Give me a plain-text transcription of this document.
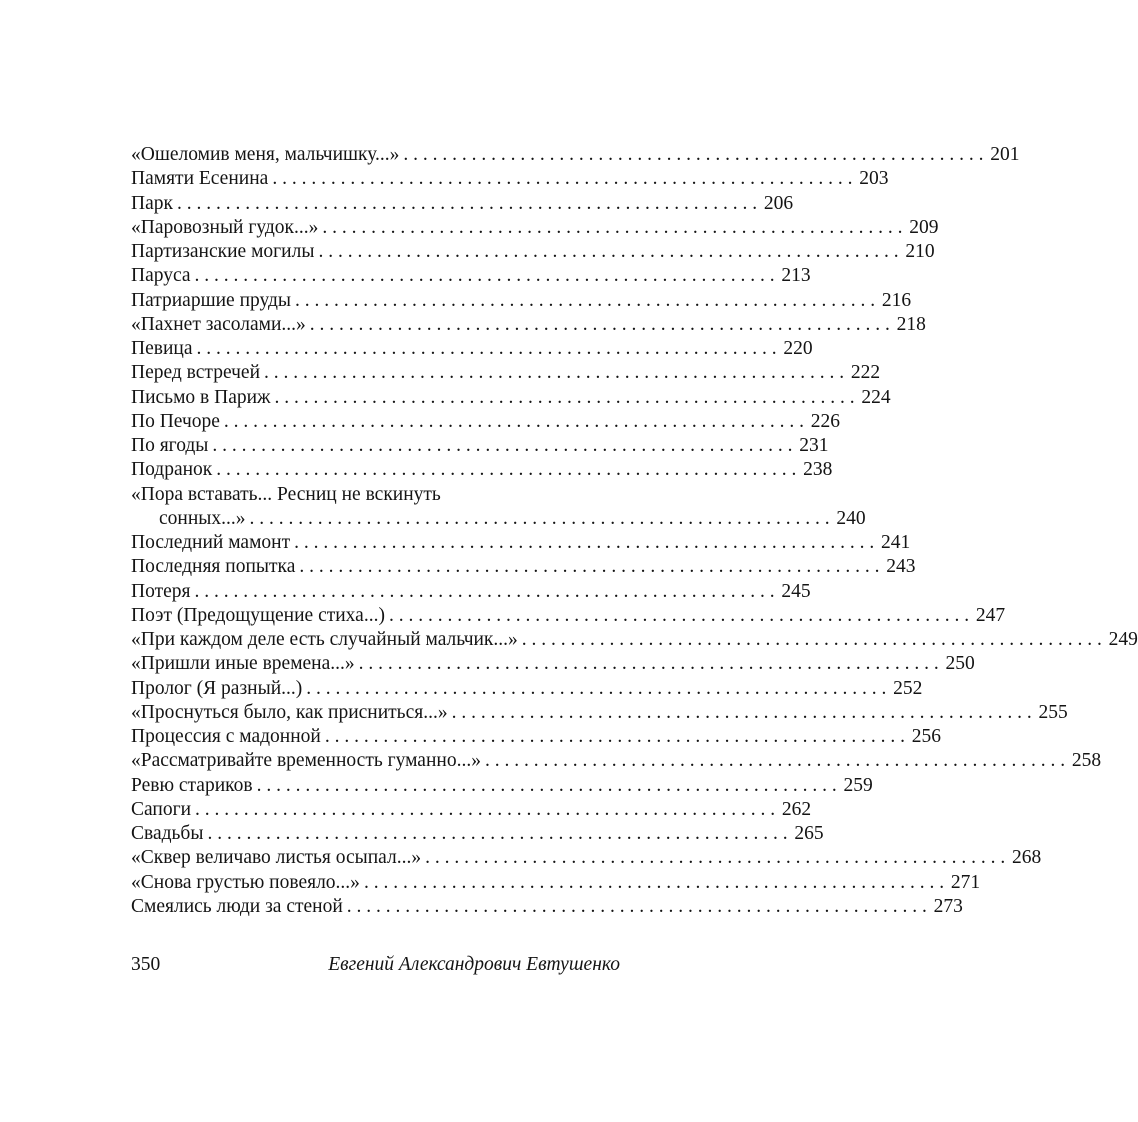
«Ошеломив меня, мальчишку...» . . . . . . . . . . . . . . . . . . . . . . . . . . . . . . . . . . . . . . . . . . . . . . . . . . . . . . . . . . . . 201
Памяти Есенина . . . . . . . . . . . . . . . . . . . . . . . . . . . . . . . . . . . . . . . . . . . . . . . . . . . . . . . . . . . . 203
Парк . . . . . . . . . . . . . . . . . . . . . . . . . . . . . . . . . . . . . . . . . . . . . . . . . . . . . . . . . . . . 206
«Паровозный гудок...» . . . . . . . . . . . . . . . . . . . . . . . . . . . . . . . . . . . . . . . . . . . . . . . . . . . . . . . . . . . . 209
Партизанские могилы . . . . . . . . . . . . . . . . . . . . . . . . . . . . . . . . . . . . . . . . . . . . . . . . . . . . . . . . . . . . 210
Паруса . . . . . . . . . . . . . . . . . . . . . . . . . . . . . . . . . . . . . . . . . . . . . . . . . . . . . . . . . . . . 213
Патриаршие пруды . . . . . . . . . . . . . . . . . . . . . . . . . . . . . . . . . . . . . . . . . . . . . . . . . . . . . . . . . . . . 216
«Пахнет засолами...» . . . . . . . . . . . . . . . . . . . . . . . . . . . . . . . . . . . . . . . . . . . . . . . . . . . . . . . . . . . . 218
Певица . . . . . . . . . . . . . . . . . . . . . . . . . . . . . . . . . . . . . . . . . . . . . . . . . . . . . . . . . . . . 220
Перед встречей . . . . . . . . . . . . . . . . . . . . . . . . . . . . . . . . . . . . . . . . . . . . . . . . . . . . . . . . . . . . 222
Письмо в Париж . . . . . . . . . . . . . . . . . . . . . . . . . . . . . . . . . . . . . . . . . . . . . . . . . . . . . . . . . . . . 224
По Печоре . . . . . . . . . . . . . . . . . . . . . . . . . . . . . . . . . . . . . . . . . . . . . . . . . . . . . . . . . . . . 226
По ягоды . . . . . . . . . . . . . . . . . . . . . . . . . . . . . . . . . . . . . . . . . . . . . . . . . . . . . . . . . . . . 231
Подранок . . . . . . . . . . . . . . . . . . . . . . . . . . . . . . . . . . . . . . . . . . . . . . . . . . . . . . . . . . . . 238
«Пора вставать... Ресниц не вскинуть
сонных...» . . . . . . . . . . . . . . . . . . . . . . . . . . . . . . . . . . . . . . . . . . . . . . . . . . . . . . . . . . . . 240
Последний мамонт . . . . . . . . . . . . . . . . . . . . . . . . . . . . . . . . . . . . . . . . . . . . . . . . . . . . . . . . . . . . 241
Последняя попытка . . . . . . . . . . . . . . . . . . . . . . . . . . . . . . . . . . . . . . . . . . . . . . . . . . . . . . . . . . . . 243
Потеря . . . . . . . . . . . . . . . . . . . . . . . . . . . . . . . . . . . . . . . . . . . . . . . . . . . . . . . . . . . . 245
Поэт (Предощущение стиха...) . . . . . . . . . . . . . . . . . . . . . . . . . . . . . . . . . . . . . . . . . . . . . . . . . . . . . . . . . . . . 247
«При каждом деле есть случайный мальчик...» . . . . . . . . . . . . . . . . . . . . . . . . . . . . . . . . . . . . . . . . . . . . . . . . . . . . . . . . . . . . 249
«Пришли иные времена...» . . . . . . . . . . . . . . . . . . . . . . . . . . . . . . . . . . . . . . . . . . . . . . . . . . . . . . . . . . . . 250
Пролог (Я разный...) . . . . . . . . . . . . . . . . . . . . . . . . . . . . . . . . . . . . . . . . . . . . . . . . . . . . . . . . . . . . 252
«Проснуться было, как присниться...» . . . . . . . . . . . . . . . . . . . . . . . . . . . . . . . . . . . . . . . . . . . . . . . . . . . . . . . . . . . . 255
Процессия с мадонной . . . . . . . . . . . . . . . . . . . . . . . . . . . . . . . . . . . . . . . . . . . . . . . . . . . . . . . . . . . . 256
«Рассматривайте временность гуманно...» . . . . . . . . . . . . . . . . . . . . . . . . . . . . . . . . . . . . . . . . . . . . . . . . . . . . . . . . . . . . 258
Ревю стариков . . . . . . . . . . . . . . . . . . . . . . . . . . . . . . . . . . . . . . . . . . . . . . . . . . . . . . . . . . . . 259
Сапоги . . . . . . . . . . . . . . . . . . . . . . . . . . . . . . . . . . . . . . . . . . . . . . . . . . . . . . . . . . . . 262
Свадьбы . . . . . . . . . . . . . . . . . . . . . . . . . . . . . . . . . . . . . . . . . . . . . . . . . . . . . . . . . . . . 265
«Сквер величаво листья осыпал...» . . . . . . . . . . . . . . . . . . . . . . . . . . . . . . . . . . . . . . . . . . . . . . . . . . . . . . . . . . . . 268
«Снова грустью повеяло...» . . . . . . . . . . . . . . . . . . . . . . . . . . . . . . . . . . . . . . . . . . . . . . . . . . . . . . . . . . . . 271
Смеялись люди за стеной . . . . . . . . . . . . . . . . . . . . . . . . . . . . . . . . . . . . . . . . . . . . . . . . . . . . . . . . . . . . 273
350	Евгений Александрович Евтушенко
